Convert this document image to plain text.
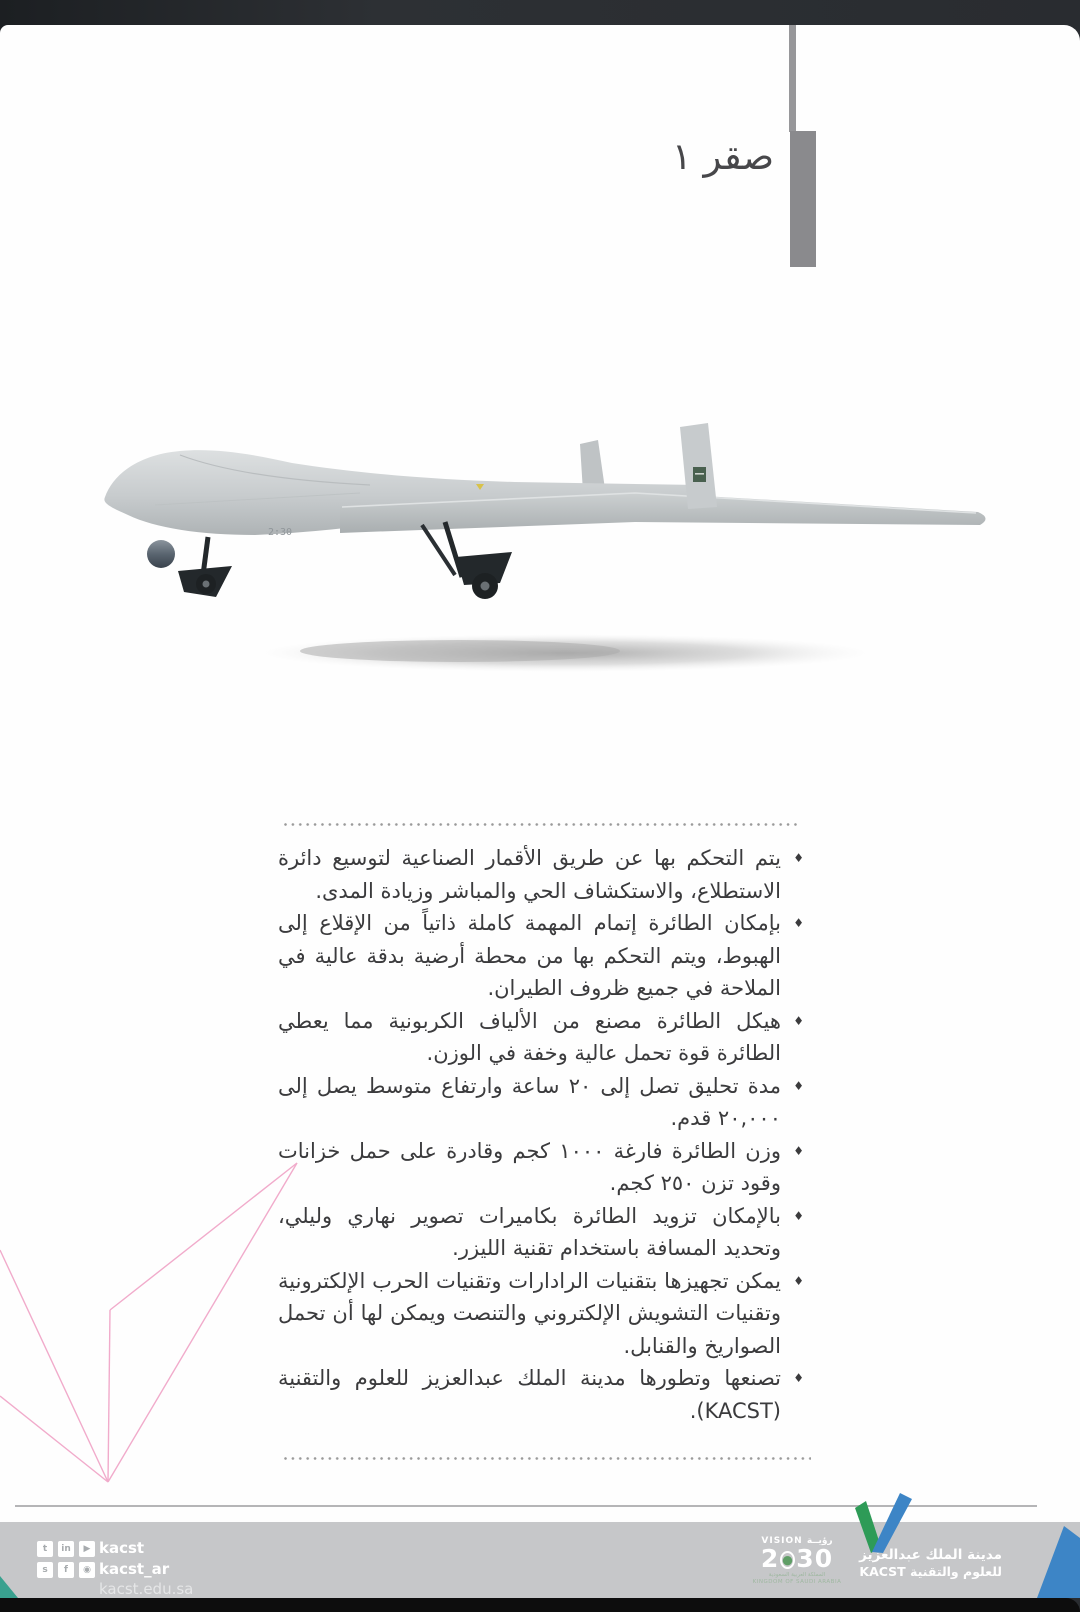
صقر ١
2:30
♦
يتم التحكم بها عن طريق الأقمار الصناعية لتوسيع دائرة الاستطلاع، والاستكشاف الحي والمباشر وزيادة المدى.
♦
بإمكان الطائرة إتمام المهمة كاملة ذاتياً من الإقلاع إلى الهبوط، ويتم التحكم بها من محطة أرضية بدقة عالية في الملاحة في جميع ظروف الطيران.
♦
هيكل الطائرة مصنع من الألياف الكربونية مما يعطي الطائرة قوة تحمل عالية وخفة في الوزن.
♦
مدة تحليق تصل إلى ٢٠ ساعة وارتفاع متوسط يصل إلى ٢٠,٠٠٠ قدم.
♦
وزن الطائرة فارغة ١٠٠٠ كجم وقادرة على حمل خزانات وقود تزن ٢٥٠ كجم.
♦
بالإمكان تزويد الطائرة بكاميرات تصوير نهاري وليلي، وتحديد المسافة باستخدام تقنية الليزر.
♦
يمكن تجهيزها بتقنيات الرادارات وتقنيات الحرب الإلكترونية وتقنيات التشويش الإلكتروني والتنصت ويمكن لها أن تحمل الصواريخ والقنابل.
♦
تصنعها وتطورها مدينة الملك عبدالعزيز للعلوم والتقنية (KACST).
t	in	▶
s	f	◉
kacst
kacst_ar
kacst.edu.sa
VISION رؤيــة
2 30
المملكة العربية السعودية
KINGDOM OF SAUDI ARABIA
مدينة الملك عبدالعزيز
للعلوم والتقنية KACST
